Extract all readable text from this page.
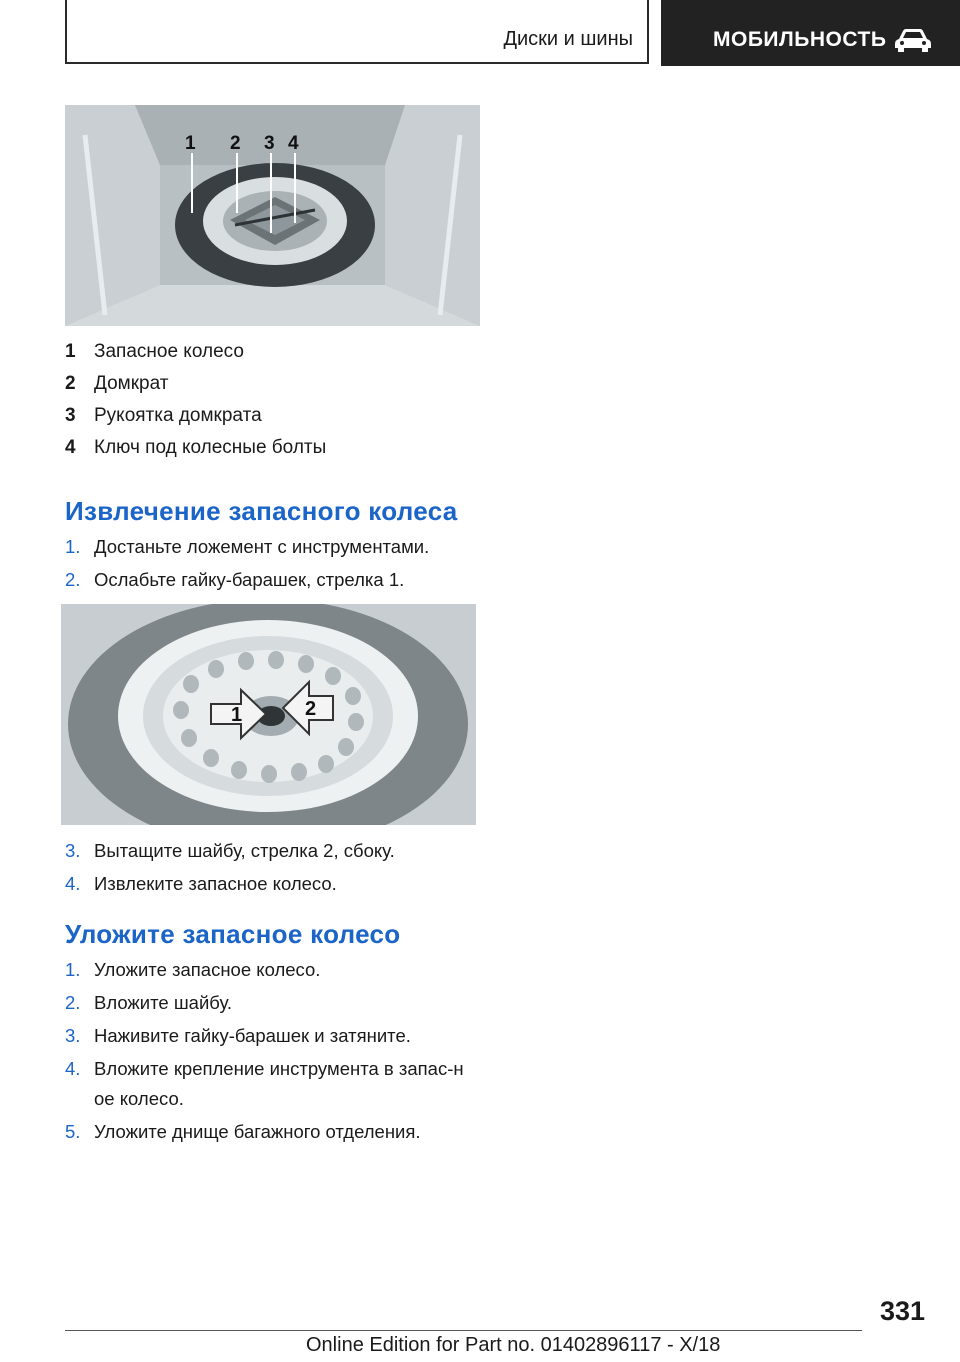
Диски и шины	МОБИЛЬНОСТЬ
1 2 3 4
1 Запасное колесо
2 Домкрат
3 Рукоятка домкрата
4 Ключ под колесные болты
Извлечение запасного колеса
1. Достаньте ложемент с инструментами.
2. Ослабьте гайку-барашек, стрелка 1.
1	2
3. Вытащите шайбу, стрелка 2, сбоку.
4. Извлеките запасное колесо.
Уложите запасное колесо
1. Уложите запасное колесо.
2. Вложите шайбу.
3. Наживите гайку-барашек и затяните.
4. Вложите крепление инструмента в запас-ное колесо.
5. Уложите днище багажного отделения.
331
Online Edition for Part no. 01402896117 - X/18
